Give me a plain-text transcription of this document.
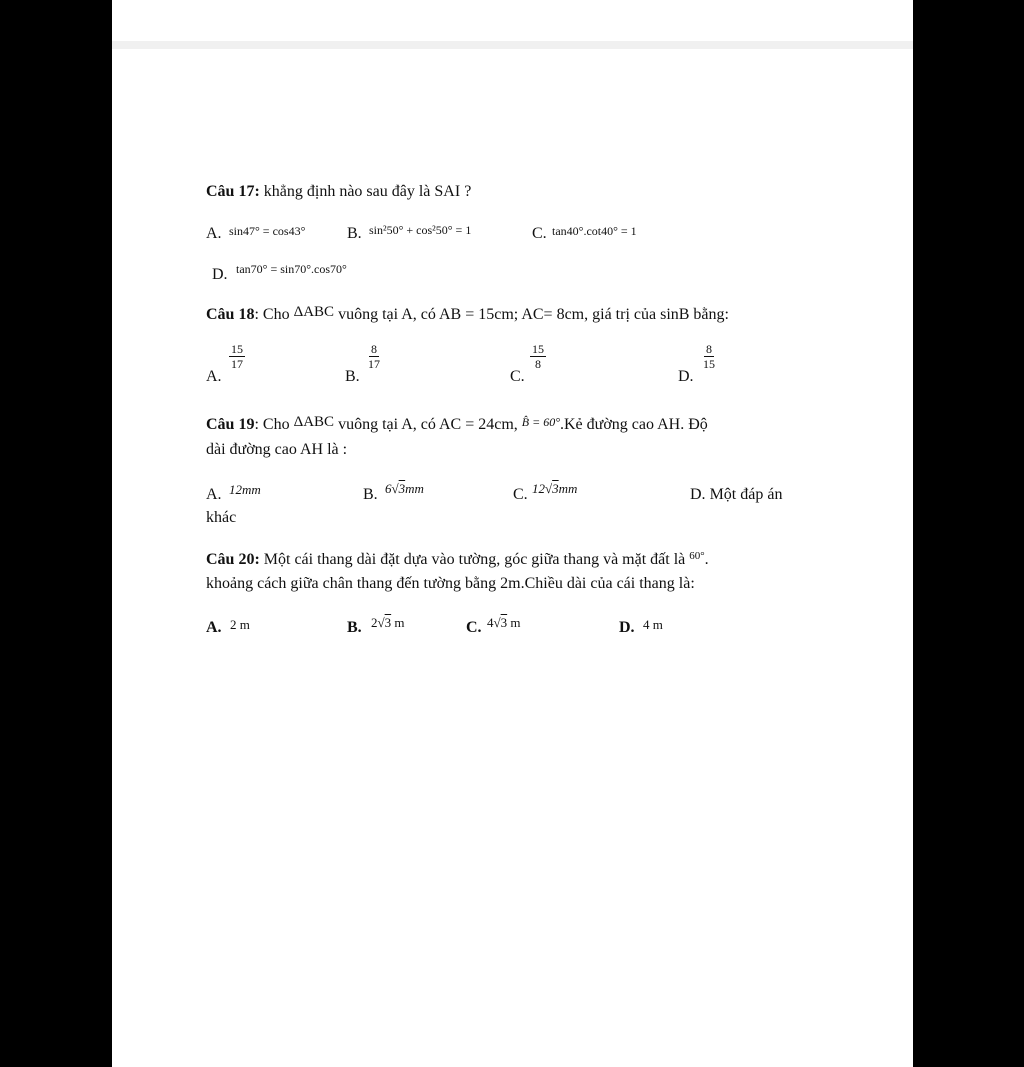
Câu 17: khẳng định nào sau đây là SAI ?
A. sin47° = cos43°	B. sin²50° + cos²50° = 1	C. tan40°.cot40° = 1
D. tan70° = sin70°.cos70°
Câu 18: Cho ΔABC vuông tại A, có AB = 15cm; AC= 8cm, giá trị của sinB bằng:
A.
$\frac{15}{17}$
B.
$\frac{8}{17}$
C.
$\frac{15}{8}$
D.
$\frac{8}{15}$
Câu 19: Cho ΔABC vuông tại A, có AC = 24cm, B̂ = 60°.Kẻ đường cao AH. Độ
dài đường cao AH là :
A. 12mm	B. 6√3mm	C. 12√3mm	D. Một đáp án
khác
Câu 20: Một cái thang dài đặt dựa vào tường, góc giữa thang và mặt đất là $^{60^\circ}$.
khoảng cách giữa chân thang đến tường bằng 2m.Chiều dài của cái thang là:
A. 2 m	B. 2√3 m	C. 4√3 m	D. 4 m
